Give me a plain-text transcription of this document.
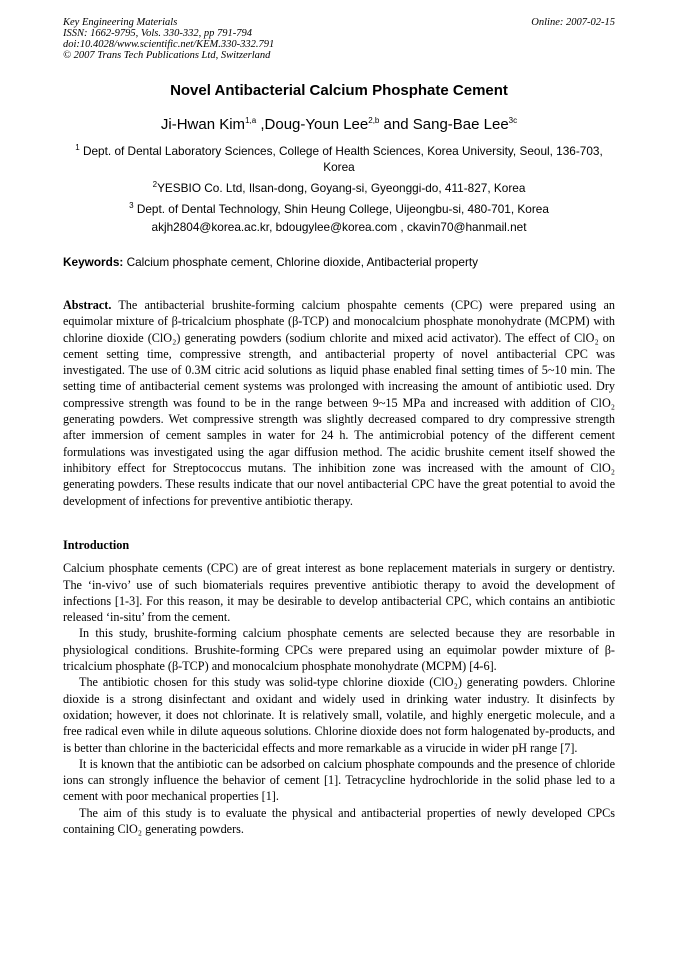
Key Engineering Materials
ISSN: 1662-9795, Vols. 330-332, pp 791-794
doi:10.4028/www.scientific.net/KEM.330-332.791
© 2007 Trans Tech Publications Ltd, Switzerland
Online: 2007-02-15
Novel Antibacterial Calcium Phosphate Cement
Ji-Hwan Kim$^{1,a}$ ,Doug-Youn Lee$^{2,b}$ and Sang-Bae Lee$^{3c}$
$^1$ Dept. of Dental Laboratory Sciences, College of Health Sciences, Korea University, Seoul, 136-703, Korea
$^2$YESBIO Co. Ltd, Ilsan-dong, Goyang-si, Gyeonggi-do, 411-827, Korea
$^3$ Dept. of Dental Technology, Shin Heung College, Uijeongbu-si, 480-701, Korea
akjh2804@korea.ac.kr, bdougylee@korea.com , ckavin70@hanmail.net
Keywords: Calcium phosphate cement, Chlorine dioxide, Antibacterial property

Abstract. The antibacterial brushite-forming calcium phospahte cements (CPC) were prepared using an equimolar mixture of β-tricalcium phosphate (β-TCP) and monocalcium phosphate monohydrate (MCPM) with chlorine dioxide (ClO₂) generating powders (sodium chlorite and mixed acid activator). The effect of ClO₂ on cement setting time, compressive strength, and antibacterial property of novel antibacterial CPC was investigated. The use of 0.3M citric acid solutions as liquid phase enabled final setting times of 5~10 min. The setting time of antibacterial cement systems was prolonged with increasing the amount of antibiotic used. Dry compressive strength was found to be in the range between 9~15 MPa and increased with addition of ClO₂ generating powders. Wet compressive strength was slightly decreased compared to dry compressive strength after immersion of cement samples in water for 24 h. The antimicrobial potency of the different cement formulations was investigated using the agar diffusion method. The acidic brushite cement itself showed the inhibitory effect for Streptococcus mutans. The inhibition zone was increased with the amount of ClO₂ generating powders. These results indicate that our novel antibacterial CPC have the great potential to avoid the development of infections for preventive antibiotic therapy.

Introduction

Calcium phosphate cements (CPC) are of great interest as bone replacement materials in surgery or dentistry. The ‘in-vivo’ use of such biomaterials requires preventive antibiotic therapy to avoid the development of infections [1-3]. For this reason, it may be desirable to develop antibacterial CPC, which contains an antibiotic released ‘in-situ’ from the cement.

In this study, brushite-forming calcium phosphate cements are selected because they are resorbable in physiological conditions. Brushite-forming CPCs were prepared using an equimolar powder mixture of β-tricalcium phosphate (β-TCP) and monocalcium phosphate monohydrate (MCPM) [4-6].

The antibiotic chosen for this study was solid-type chlorine dioxide (ClO₂) generating powders. Chlorine dioxide is a strong disinfectant and oxidant and widely used in drinking water industry. It disinfects by oxidation; however, it does not chlorinate. It is relatively small, volatile, and highly energetic molecule, and a free radical even while in dilute aqueous solutions. Chlorine dioxide does not form halogenated by-products, and is better than chlorine in the bactericidal effects and more remarkable as a virucide in wider pH range [7].

It is known that the antibiotic can be adsorbed on calcium phosphate compounds and the presence of chloride ions can strongly influence the behavior of cement [1]. Tetracycline hydrochloride in the solid phase led to a cement with poor mechanical properties [1].

The aim of this study is to evaluate the physical and antibacterial properties of newly developed CPCs containing ClO₂ generating powders.
